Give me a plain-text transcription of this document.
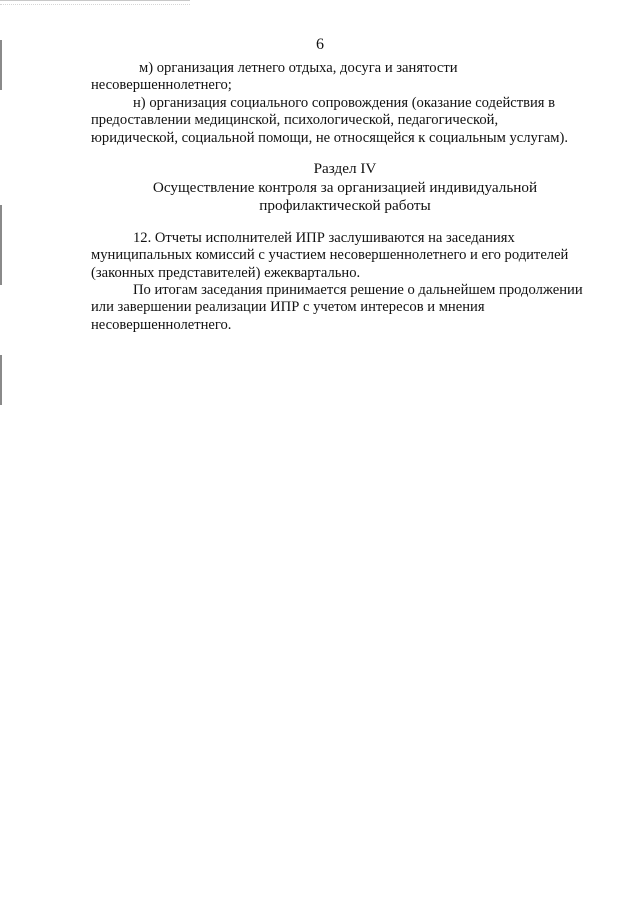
6
м) организация летнего отдыха, досуга и занятости
несовершеннолетнего;
н) организация социального сопровождения (оказание содействия в
предоставлении медицинской, психологической, педагогической,
юридической, социальной помощи, не относящейся к социальным услугам).
Раздел IV
Осуществление контроля за организацией индивидуальной
профилактической работы
12. Отчеты исполнителей ИПР заслушиваются на заседаниях
муниципальных комиссий с участием несовершеннолетнего и его родителей
(законных представителей) ежеквартально.
По итогам заседания принимается решение о дальнейшем продолжении
или завершении реализации ИПР с учетом интересов и мнения
несовершеннолетнего.
